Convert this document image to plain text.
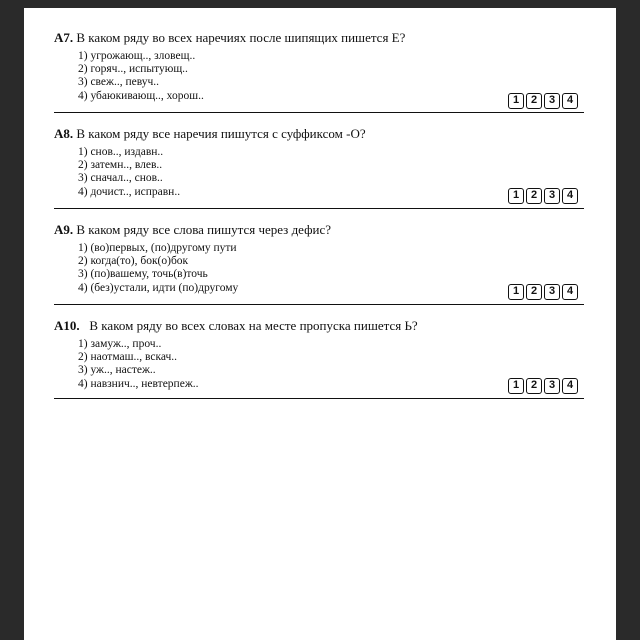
A7. В каком ряду во всех наречиях после шипящих пишется Е?

1) угрожающ.., зловещ..
2) горяч.., испытующ..
3) свеж.., певуч..
4) убаюкивающ.., хорош..	1	2	3	4

A8. В каком ряду все наречия пишутся с суффиксом -О?

1) снов.., издавн..
2) затемн.., влев..
3) сначал.., снов..
4) дочист.., исправн..	1	2	3	4

A9. В каком ряду все слова пишутся через дефис?

1) (во)первых, (по)другому пути
2) когда(то), бок(о)бок
3) (по)вашему, точь(в)точь
4) (без)устали, идти (по)другому	1	2	3	4

A10.   В каком ряду во всех словах на месте пропуска пишется Ь?

1) замуж.., проч..
2) наотмаш.., вскач..
3) уж.., настеж..
4) навзнич.., невтерпеж..	1	2	3	4
